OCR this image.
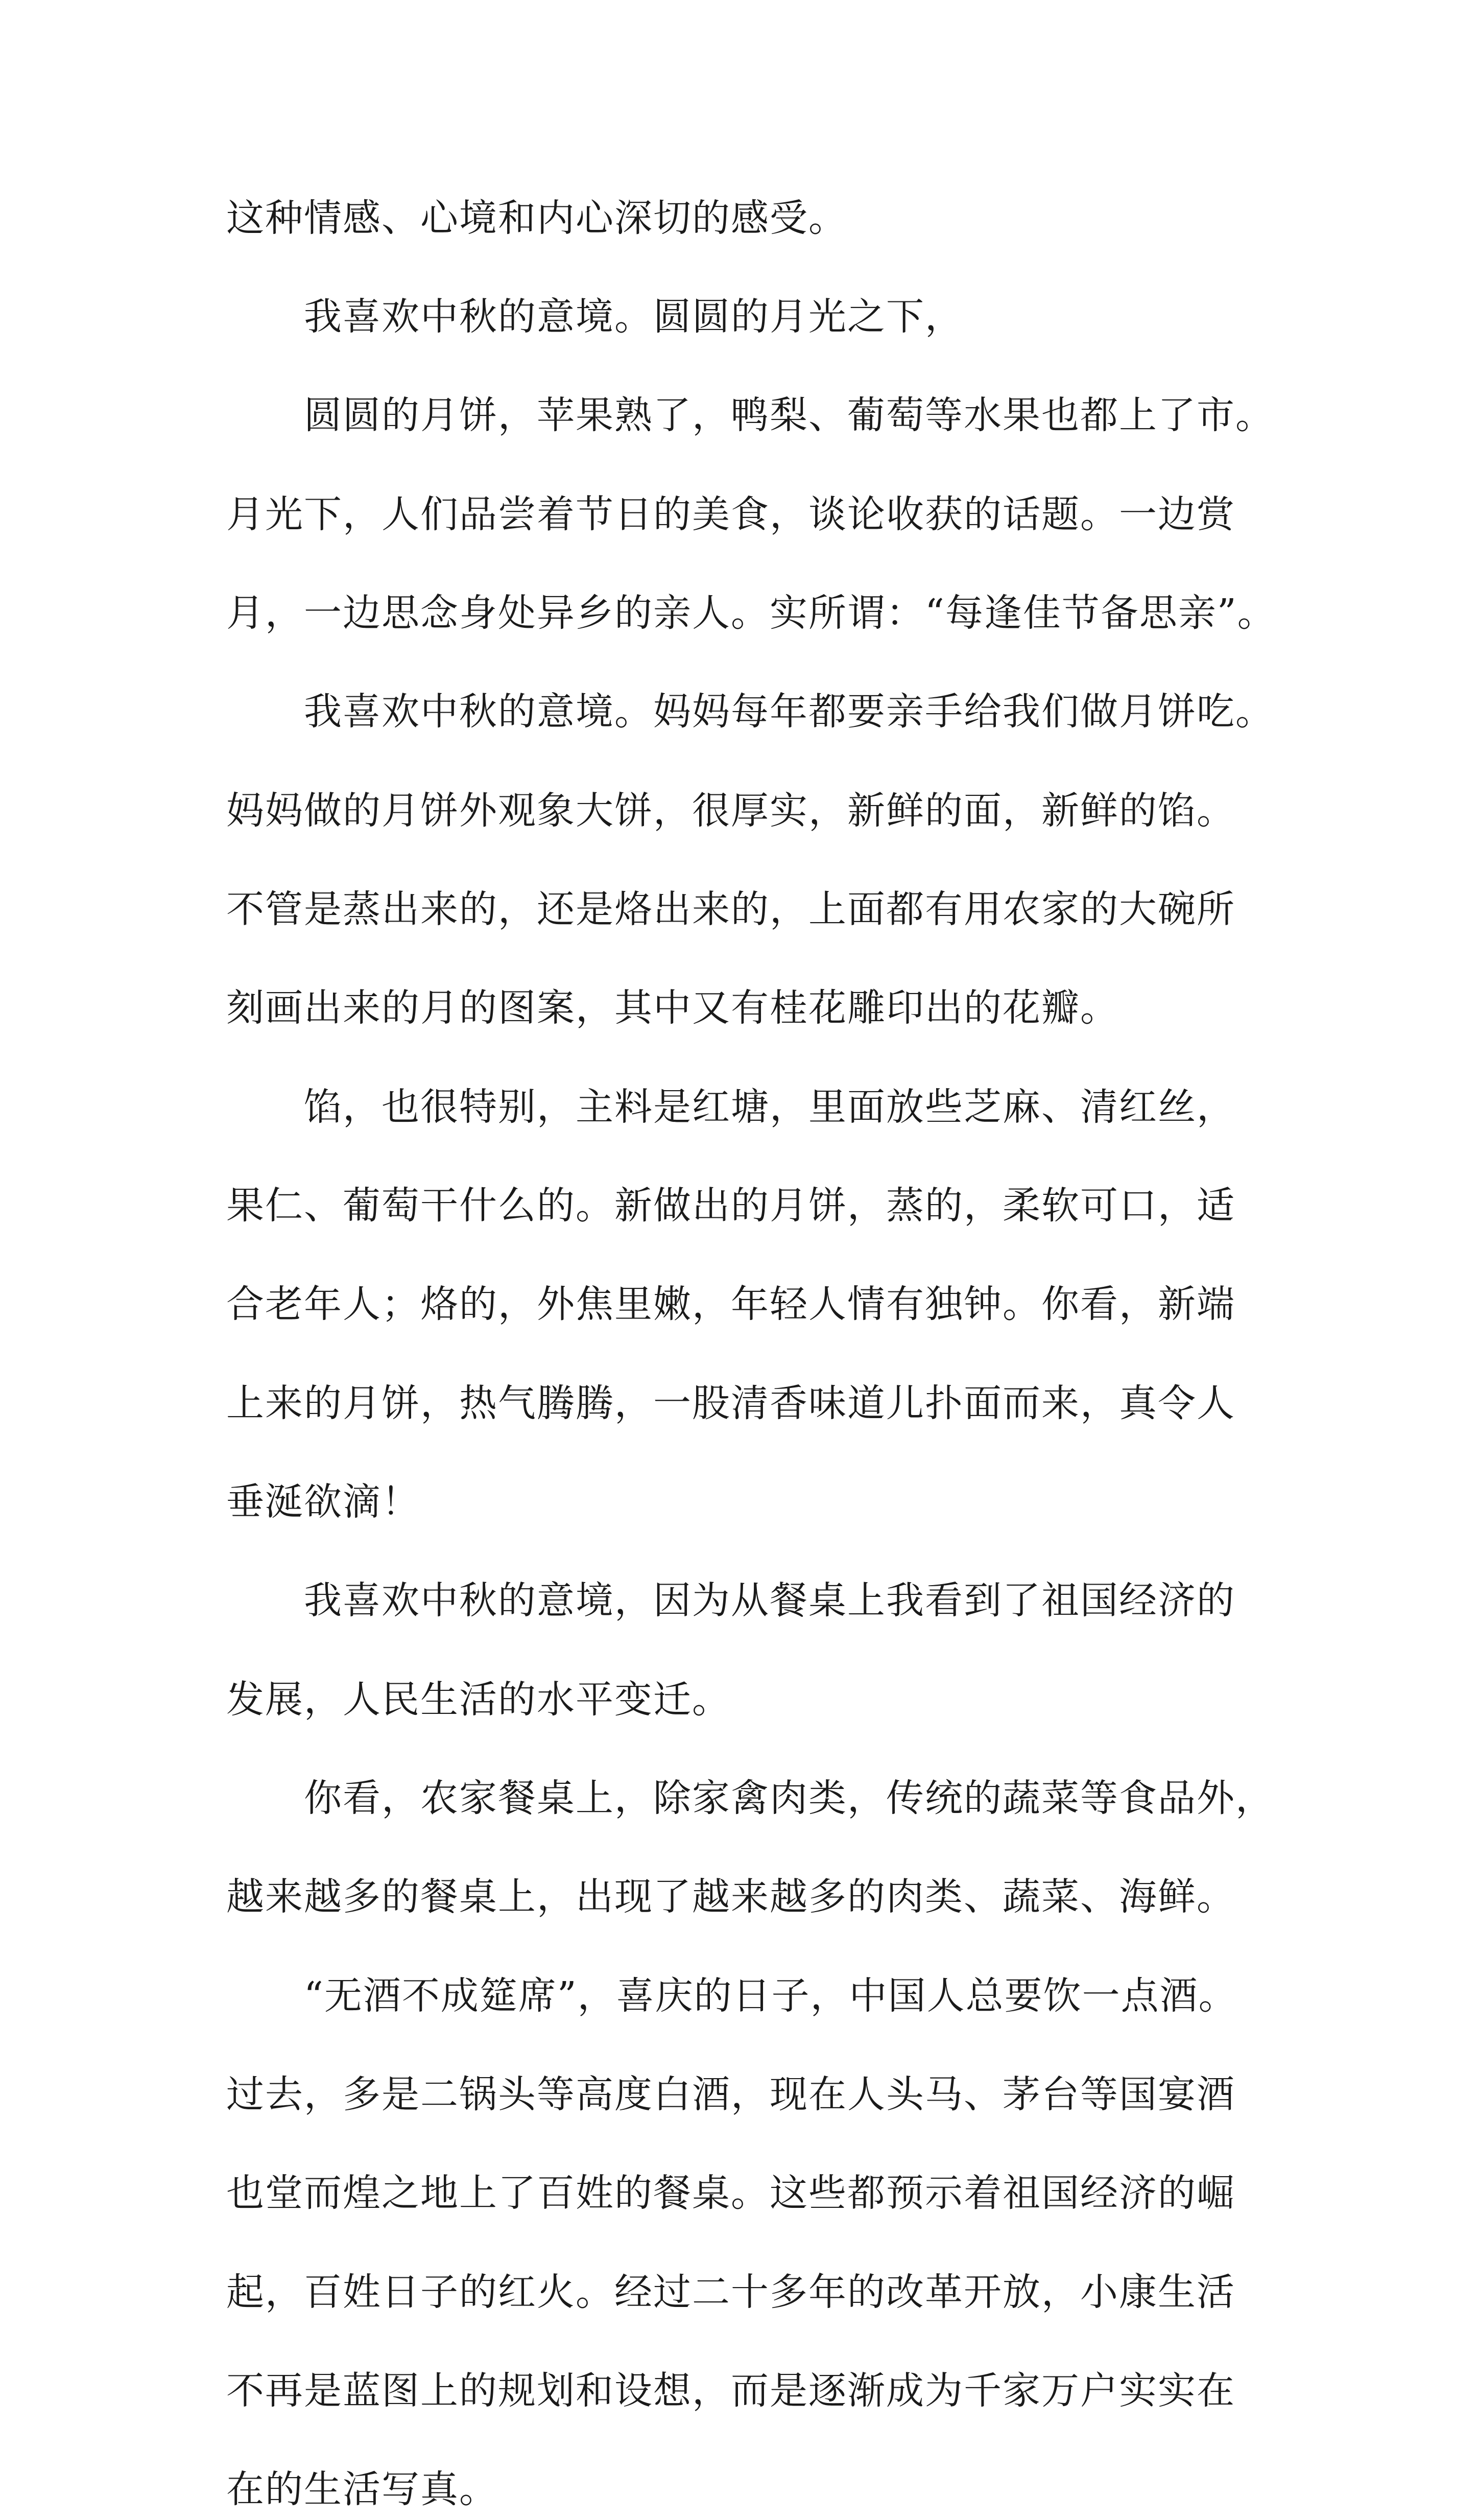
这种情感、心境和内心深切的感受。

我喜欢中秋的意境。圆圆的月光之下，

圆圆的月饼，苹果熟了，鸭梨、葡萄等水果也都上了市。

月光下，人们品尝着节日的美食，谈论收获的话题。一边赏

月，一边思念身处异乡的亲人。实所谓：“每逢佳节备思亲”。

我喜欢中秋的意境。妈妈每年都要亲手给我们做月饼吃。

妈妈做的月饼外观象大饼，很厚实，新鲜的面，新鲜的馅。

不管是蒸出来的，还是烙出来的，上面都有用农家的大碗所

刻画出来的月的图案，其中又有桂花雕印出的花瓣。

馅，也很特别，主料是红塘，里面放些芝麻、清红丝，

果仁、葡萄干什么的。新做出的月饼，蒸的，柔软可口，适

合老年人；烙的，外焦里嫩，年轻人情有独钟。你看，新端

上来的月饼，热气腾腾，一股清香味道儿扑面而来，真令人

垂涎欲滴！

我喜欢中秋的意境，因为从餐桌上我看到了祖国经济的

发展，人民生活的水平变迁。

你看，农家餐桌上，除家禽肉类，传统的蔬菜等食品外，

越来越多的餐桌上，出现了越来越多的肉类、蔬菜、海鲜。

“无酒不成筵席”，喜庆的日子，中国人总要饮一点酒。

过去，多是二锅头等高度白酒，现在人头马、茅台等国宴酒

也堂而煌之地上了百姓的餐桌。这些都预示着祖国经济的崛

起，百姓日子的红火。经过二十多年的改革开放，小康生活

不再是蓝图上的规划和设想，而是逐渐成为千家万户实实在

在的生活写真。
